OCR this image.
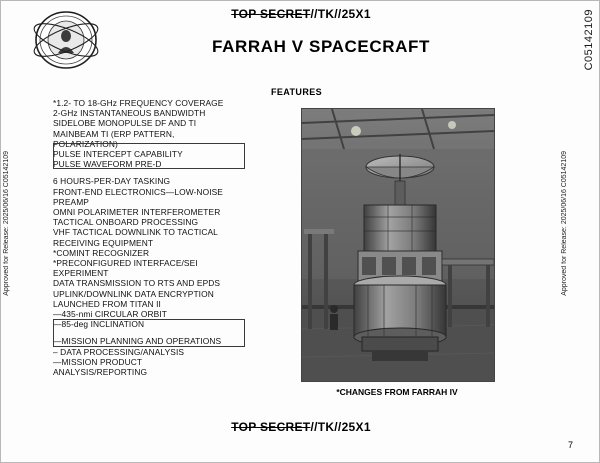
C05142109
Approved for Release: 2025/06/16 C05142109	Approved for Release: 2025/06/16 C05142109
TOP SECRET//TK//25X1
FARRAH V SPACECRAFT
FEATURES
*1.2- TO 18-GHz FREQUENCY COVERAGE
2-GHz INSTANTANEOUS BANDWIDTH
SIDELOBE MONOPULSE DF AND TI
MAINBEAM TI (ERP PATTERN,
POLARIZATION)
PULSE INTERCEPT CAPABILITY
PULSE WAVEFORM PRE-D
6 HOURS-PER-DAY TASKING
FRONT-END ELECTRONICS—LOW-NOISE
PREAMP
OMNI POLARIMETER INTERFEROMETER
TACTICAL ONBOARD PROCESSING
VHF TACTICAL DOWNLINK TO TACTICAL
RECEIVING EQUIPMENT
*COMINT RECOGNIZER
*PRECONFIGURED INTERFACE/SEI
EXPERIMENT
DATA TRANSMISSION TO RTS AND EPDS
UPLINK/DOWNLINK DATA ENCRYPTION
LAUNCHED FROM TITAN II
—435-nmi CIRCULAR ORBIT
—85-deg INCLINATION
—MISSION PLANNING AND OPERATIONS
– DATA PROCESSING/ANALYSIS
—MISSION PRODUCT
ANALYSIS/REPORTING
*CHANGES FROM FARRAH IV
TOP SECRET//TK//25X1
7
